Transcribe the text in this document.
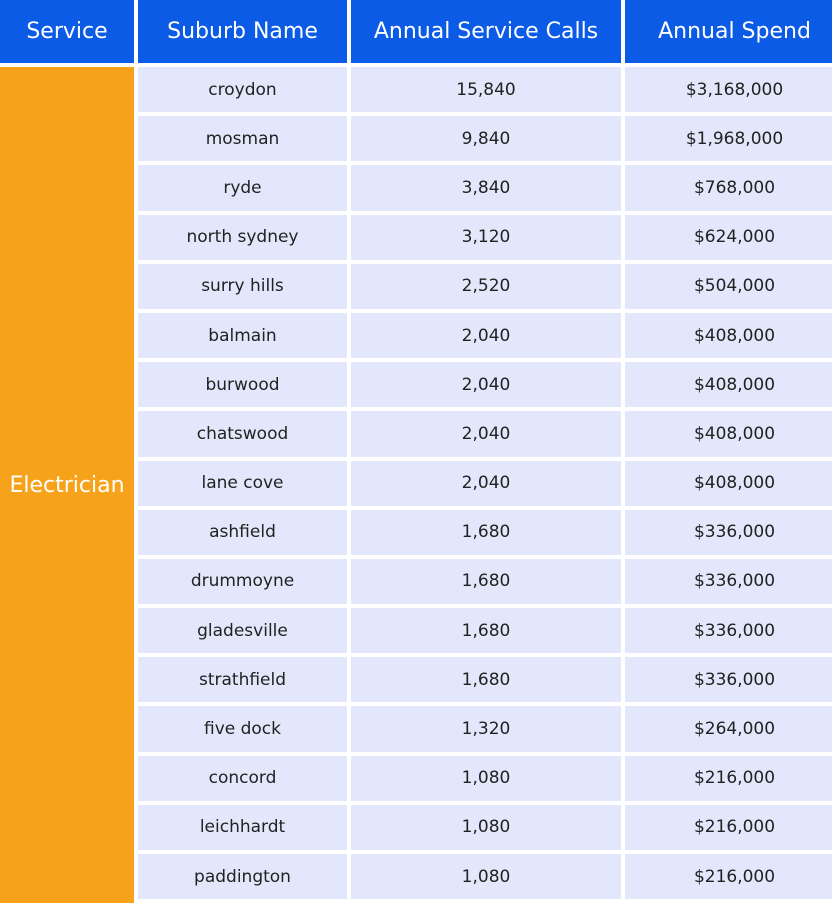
Service	Suburb Name	Annual Service Calls	Annual Spend
Electrician
croydon	15,840	$3,168,000
mosman	9,840	$1,968,000
ryde	3,840	$768,000
north sydney	3,120	$624,000
surry hills	2,520	$504,000
balmain	2,040	$408,000
burwood	2,040	$408,000
chatswood	2,040	$408,000
lane cove	2,040	$408,000
ashfield	1,680	$336,000
drummoyne	1,680	$336,000
gladesville	1,680	$336,000
strathfield	1,680	$336,000
five dock	1,320	$264,000
concord	1,080	$216,000
leichhardt	1,080	$216,000
paddington	1,080	$216,000
